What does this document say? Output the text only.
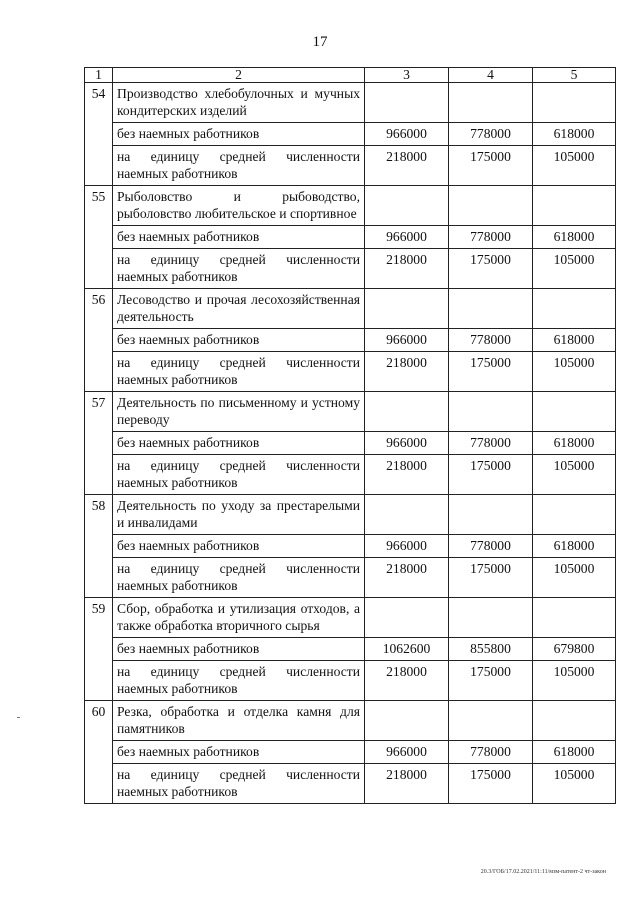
17
1	2	3	4	5
54	Производство хлебобулочных и мучных кондитерских изделий			
	без наемных работников	966000	778000	618000
	на единицу средней численности наемных работников	218000	175000	105000
55	Рыболовство и рыбоводство, рыболовство любительское и спортивное			
	без наемных работников	966000	778000	618000
	на единицу средней численности наемных работников	218000	175000	105000
56	Лесоводство и прочая лесохозяйственная деятельность			
	без наемных работников	966000	778000	618000
	на единицу средней численности наемных работников	218000	175000	105000
57	Деятельность по письменному и устному переводу			
	без наемных работников	966000	778000	618000
	на единицу средней численности наемных работников	218000	175000	105000
58	Деятельность по уходу за престарелыми и инвалидами			
	без наемных работников	966000	778000	618000
	на единицу средней численности наемных работников	218000	175000	105000
59	Сбор, обработка и утилизация отходов, а также обработка вторичного сырья			
	без наемных работников	1062600	855800	679800
	на единицу средней численности наемных работников	218000	175000	105000
60	Резка, обработка и отделка камня для памятников			
	без наемных работников	966000	778000	618000
	на единицу средней численности наемных работников	218000	175000	105000
20.3/ГОБ/17.02.2021/11:11/мзм-патент-2 чт-закон
